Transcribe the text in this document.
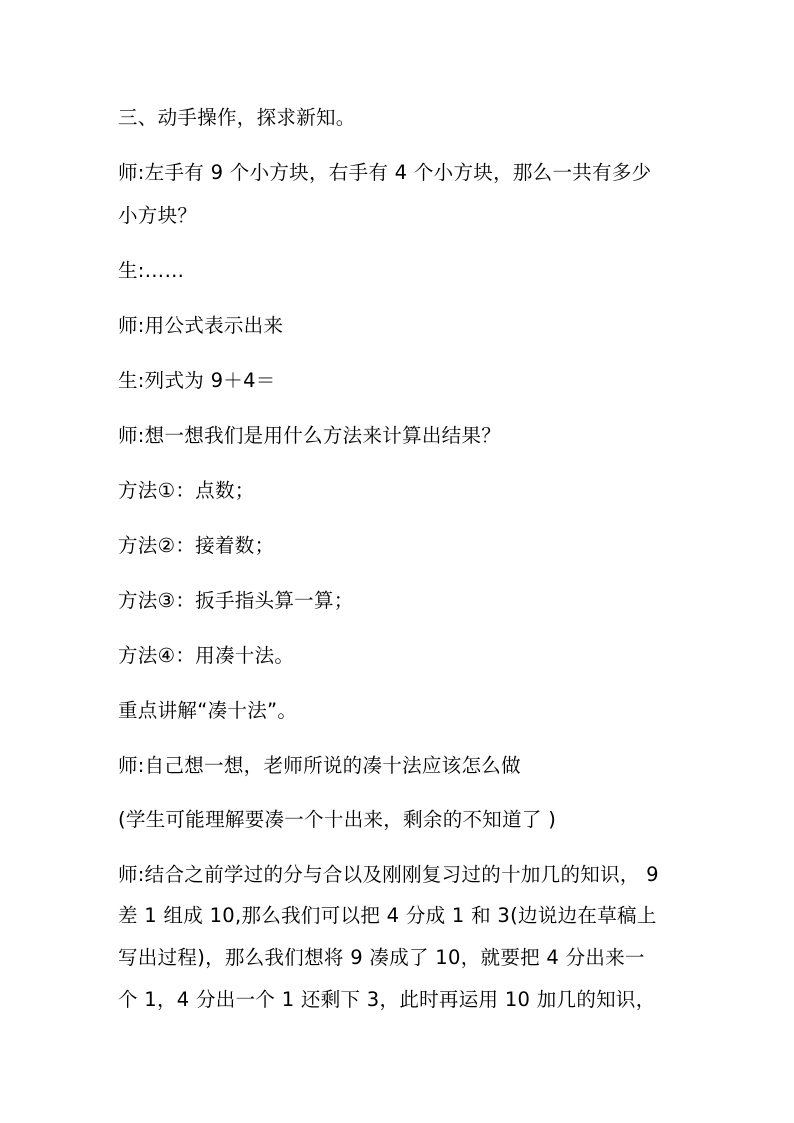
三、动手操作，探求新知。
师:左手有 9 个小方块，右手有 4 个小方块，那么一共有多少
小方块？
生:……
师:用公式表示出来
生:列式为 9＋4＝
师:想一想我们是用什么方法来计算出结果？
方法①：点数；
方法②：接着数；
方法③：扳手指头算一算；
方法④：用凑十法。
重点讲解“凑十法”。
师:自己想一想，老师所说的凑十法应该怎么做
(学生可能理解要凑一个十出来，剩余的不知道了 )
师:结合之前学过的分与合以及刚刚复习过的十加几的知识， 9
差 1 组成 10,那么我们可以把 4 分成 1 和 3(边说边在草稿上
写出过程)，那么我们想将 9 凑成了 10，就要把 4 分出来一
个 1，4 分出一个 1 还剩下 3，此时再运用 10 加几的知识，
